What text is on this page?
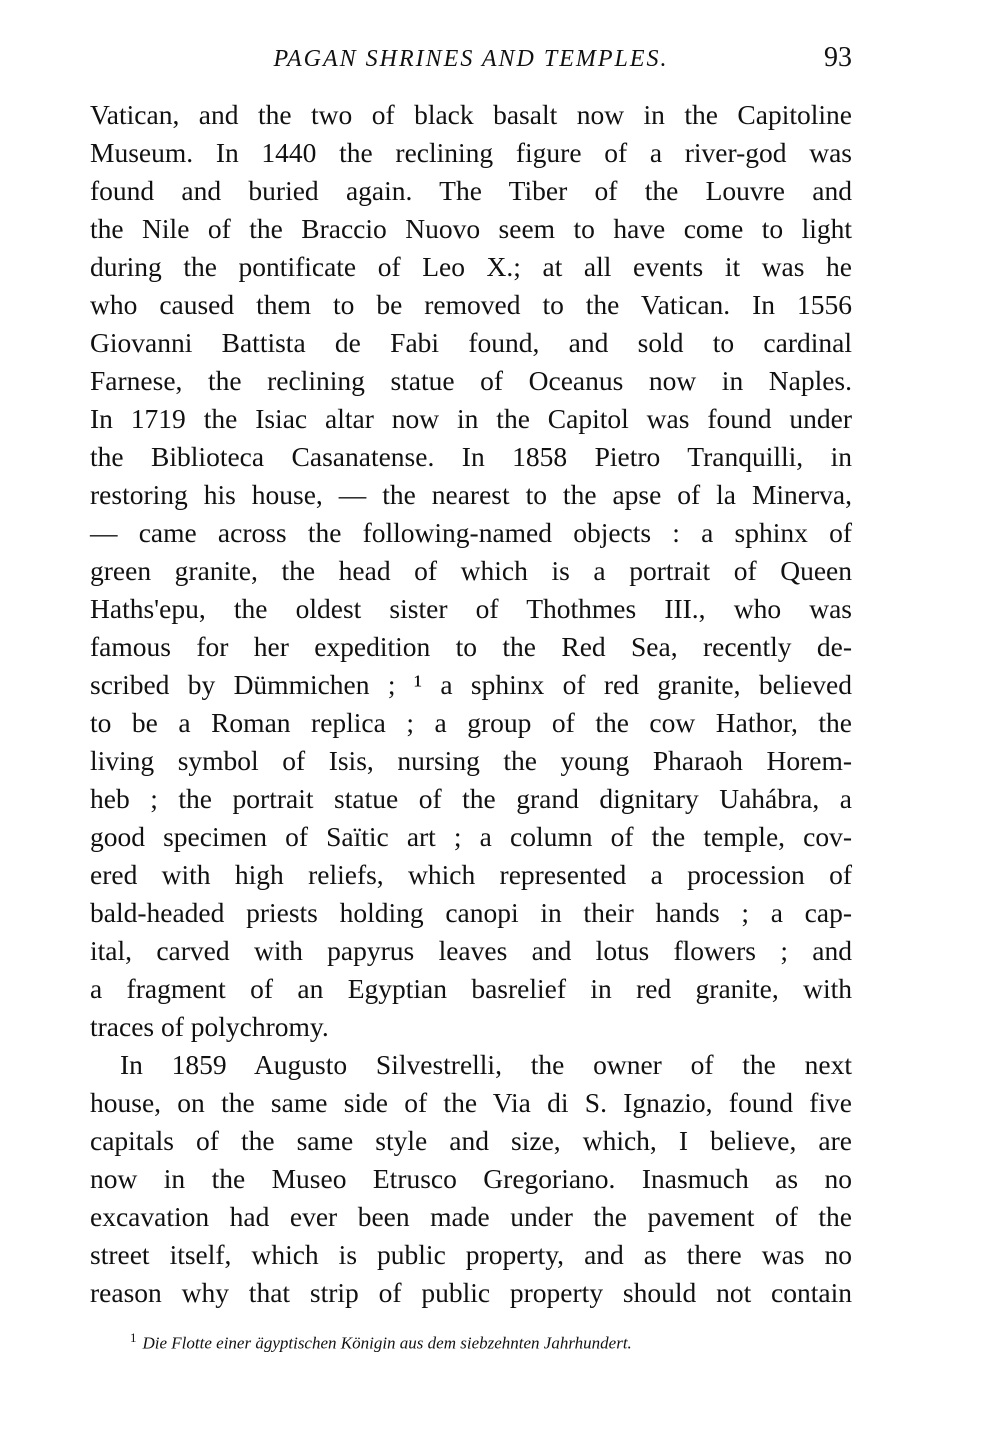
PAGAN SHRINES AND TEMPLES.	93
Vatican, and the two of black basalt now in the Capitoline
Museum. In 1440 the reclining figure of a river-god was
found and buried again. The Tiber of the Louvre and
the Nile of the Braccio Nuovo seem to have come to light
during the pontificate of Leo X.; at all events it was he
who caused them to be removed to the Vatican. In 1556
Giovanni Battista de Fabi found, and sold to cardinal
Farnese, the reclining statue of Oceanus now in Naples.
In 1719 the Isiac altar now in the Capitol was found under
the Biblioteca Casanatense. In 1858 Pietro Tranquilli, in
restoring his house, — the nearest to the apse of la Minerva,
— came across the following-named objects : a sphinx of
green granite, the head of which is a portrait of Queen
Haths'epu, the oldest sister of Thothmes III., who was
famous for her expedition to the Red Sea, recently de-
scribed by Dümmichen ; ¹ a sphinx of red granite, believed
to be a Roman replica ; a group of the cow Hathor, the
living symbol of Isis, nursing the young Pharaoh Horem-
heb ; the portrait statue of the grand dignitary Uahábra, a
good specimen of Saïtic art ; a column of the temple, cov-
ered with high reliefs, which represented a procession of
bald-headed priests holding canopi in their hands ; a cap-
ital, carved with papyrus leaves and lotus flowers ; and
a fragment of an Egyptian basrelief in red granite, with
traces of polychromy.
In 1859 Augusto Silvestrelli, the owner of the next
house, on the same side of the Via di S. Ignazio, found five
capitals of the same style and size, which, I believe, are
now in the Museo Etrusco Gregoriano. Inasmuch as no
excavation had ever been made under the pavement of the
street itself, which is public property, and as there was no
reason why that strip of public property should not contain
$^1$ Die Flotte einer ägyptischen Königin aus dem siebzehnten Jahrhundert.
